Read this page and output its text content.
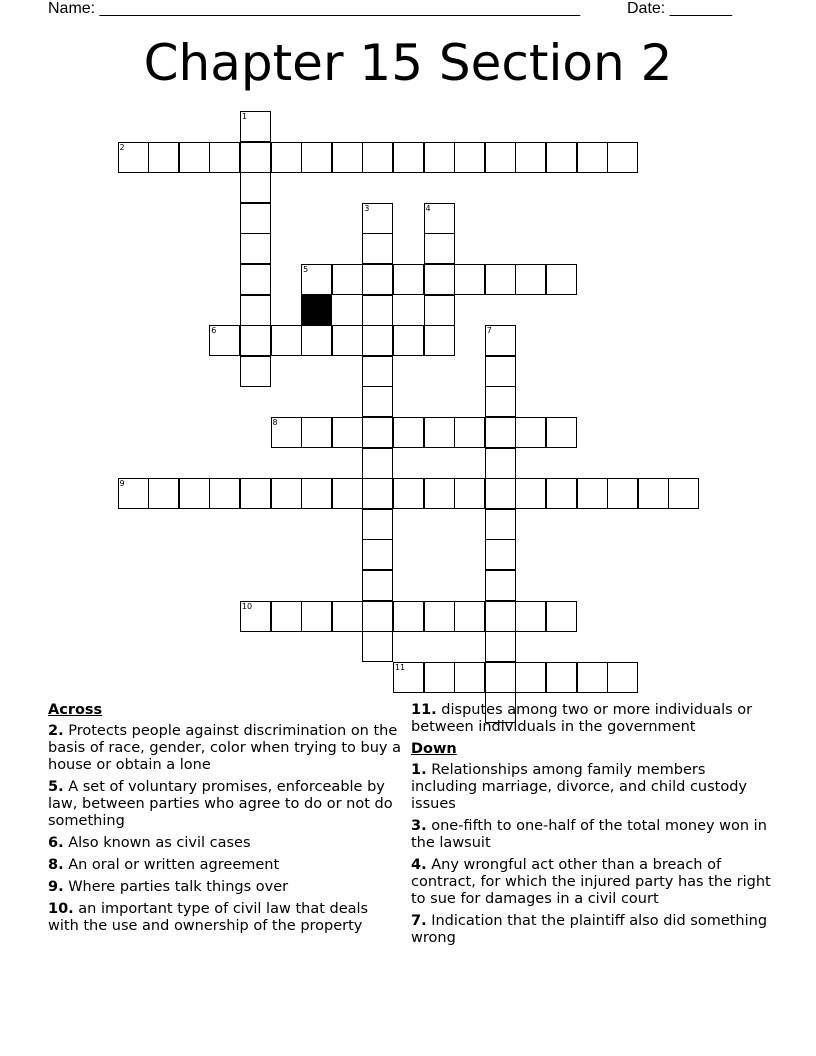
Name: ______________________________________________________	Date: _______
Chapter 15 Section 2
1
2
3	4
5
6	7
8
9
10
11
Across
2. Protects people against discrimination on the basis of race, gender, color when trying to buy a house or obtain a lone
5. A set of voluntary promises, enforceable by law, between parties who agree to do or not do something
6. Also known as civil cases
8. An oral or written agreement
9. Where parties talk things over
10. an important type of civil law that deals with the use and ownership of the property
11. disputes among two or more individuals or between individuals in the government
Down
1. Relationships among family members including marriage, divorce, and child custody issues
3. one-fifth to one-half of the total money won in the lawsuit
4. Any wrongful act other than a breach of contract, for which the injured party has the right to sue for damages in a civil court
7. Indication that the plaintiff also did something wrong
